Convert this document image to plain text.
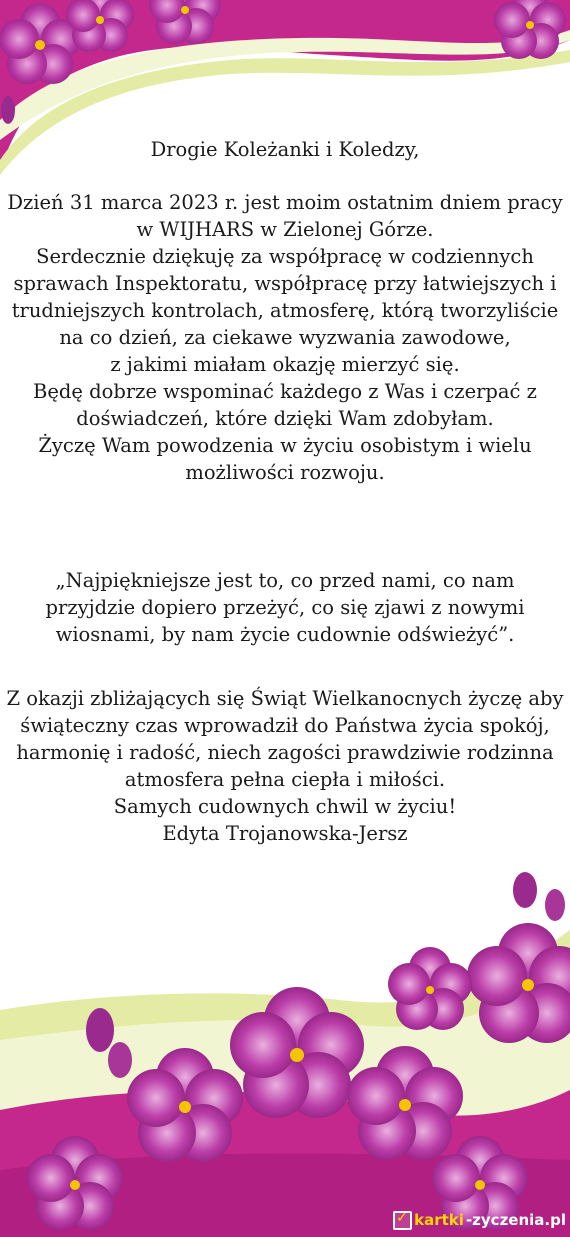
Drogie Koleżanki i Koledzy,
Dzień 31 marca 2023 r. jest moim ostatnim dniem pracy
w WIJHARS w Zielonej Górze.
Serdecznie dziękuję za współpracę w codziennych
sprawach Inspektoratu, współpracę przy łatwiejszych i
trudniejszych kontrolach, atmosferę, którą tworzyliście
na co dzień, za ciekawe wyzwania zawodowe,
z jakimi miałam okazję mierzyć się.
Będę dobrze wspominać każdego z Was i czerpać z
doświadczeń, które dzięki Wam zdobyłam.
Życzę Wam powodzenia w życiu osobistym i wielu
możliwości rozwoju.
„Najpiękniejsze jest to, co przed nami, co nam
przyjdzie dopiero przeżyć, co się zjawi z nowymi
wiosnami, by nam życie cudownie odświeżyć”.
Z okazji zbliżających się Świąt Wielkanocnych życzę aby
świąteczny czas wprowadził do Państwa życia spokój,
harmonię i radość, niech zagości prawdziwie rodzinna
atmosfera pełna ciepła i miłości.
Samych cudownych chwil w życiu!
Edyta Trojanowska-Jersz
✓
kartki -zyczenia.pl
